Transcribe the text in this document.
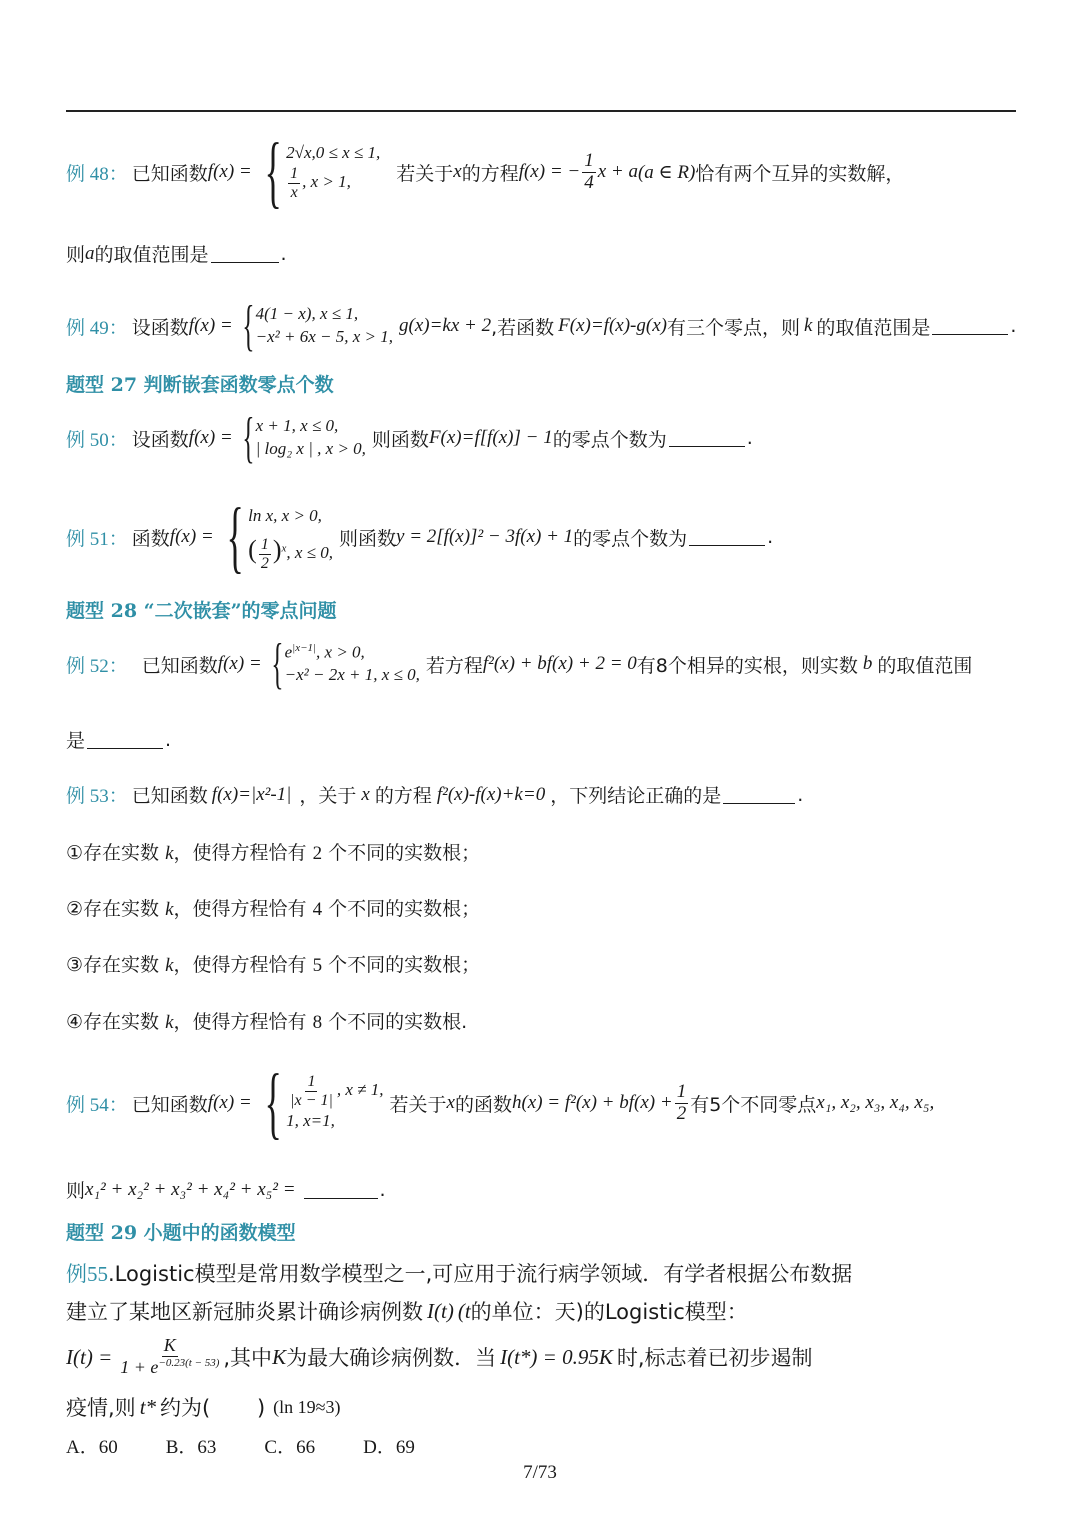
例 48 ： 已知函数 f(x) = { 2√x,0 ≤ x ≤ 1,
$\frac{1}{x}$ , x > 1,	若关于 x 的方程 f(x) = − $\frac{1}{4}$ x + a (a ∈ R) 恰有两个互异的实数解，
则 a 的取值范围是	.
例 49 ： 设函数 f(x) = { 4(1 − x), x ≤ 1,
−x² + 6x − 5, x > 1,
g(x)=kx + 2 ,若函数 F(x)=f(x)-g(x) 有三个零点，则 k 的取值范围是	.
题型 27 判断嵌套函数零点个数
例 50 ： 设函数 f(x) = { x + 1, x ≤ 0,
| log₂ x | , x > 0, 则函数 F(x)=f[f(x)] − 1 的零点个数为	.
例 51 ： 函数 f(x) = { ln x, x > 0,
( $\frac{1}{2} )^x$, x ≤ 0,
则函数 y = 2[f(x)]² − 3f(x) + 1 的零点个数为	.
题型 28 “二次嵌套”的零点问题
例 52 ： 已知函数 f(x) = { $e^{|x-1|}$, x > 0,
−x² − 2x + 1, x ≤ 0, 若方程 f²(x) + bf(x) + 2 = 0 有8个相异的实根，则实数 b 的取值范围
是	.
例 53 ： 已知函数 f(x)=|x²-1| ，关于 x 的方程 f²(x)-f(x)+k=0 ，下列结论正确的是	.
①存在实数 k，使得方程恰有 2 个不同的实数根；
②存在实数 k，使得方程恰有 4 个不同的实数根；
③存在实数 k，使得方程恰有 5 个不同的实数根；
④存在实数 k，使得方程恰有 8 个不同的实数根.
例 54 ： 已知函数 f(x) = { $\frac{1}{|x - 1|}$ , x ≠ 1,
1, x=1,
若关于 x 的函数 $h(x) = f^2(x) + bf(x) + \frac{1}{2}$ 有5个不同零点 x₁, x₂, x₃, x₄, x₅,
则 x₁² + x₂² + x₃² + x₄² + x₅² =	.
题型 29 小题中的函数模型
例55 .Logistic模型是常用数学模型之一,可应用于流行病学领域．有学者根据公布数据
建立了某地区新冠肺炎累计确诊病例数 I(t) (t 的单位：天)的Logistic模型：
$I(t) = \frac{K}{1 + e^{-0.23(t - 53)}}$ ,其中 K 为最大确诊病例数．当 I(t*) = 0.95K 时,标志着已初步遏制
疫情,则 t* 约为(       ) (ln 19≈3)
A．60	B．63	C．66	D．69
7/73
